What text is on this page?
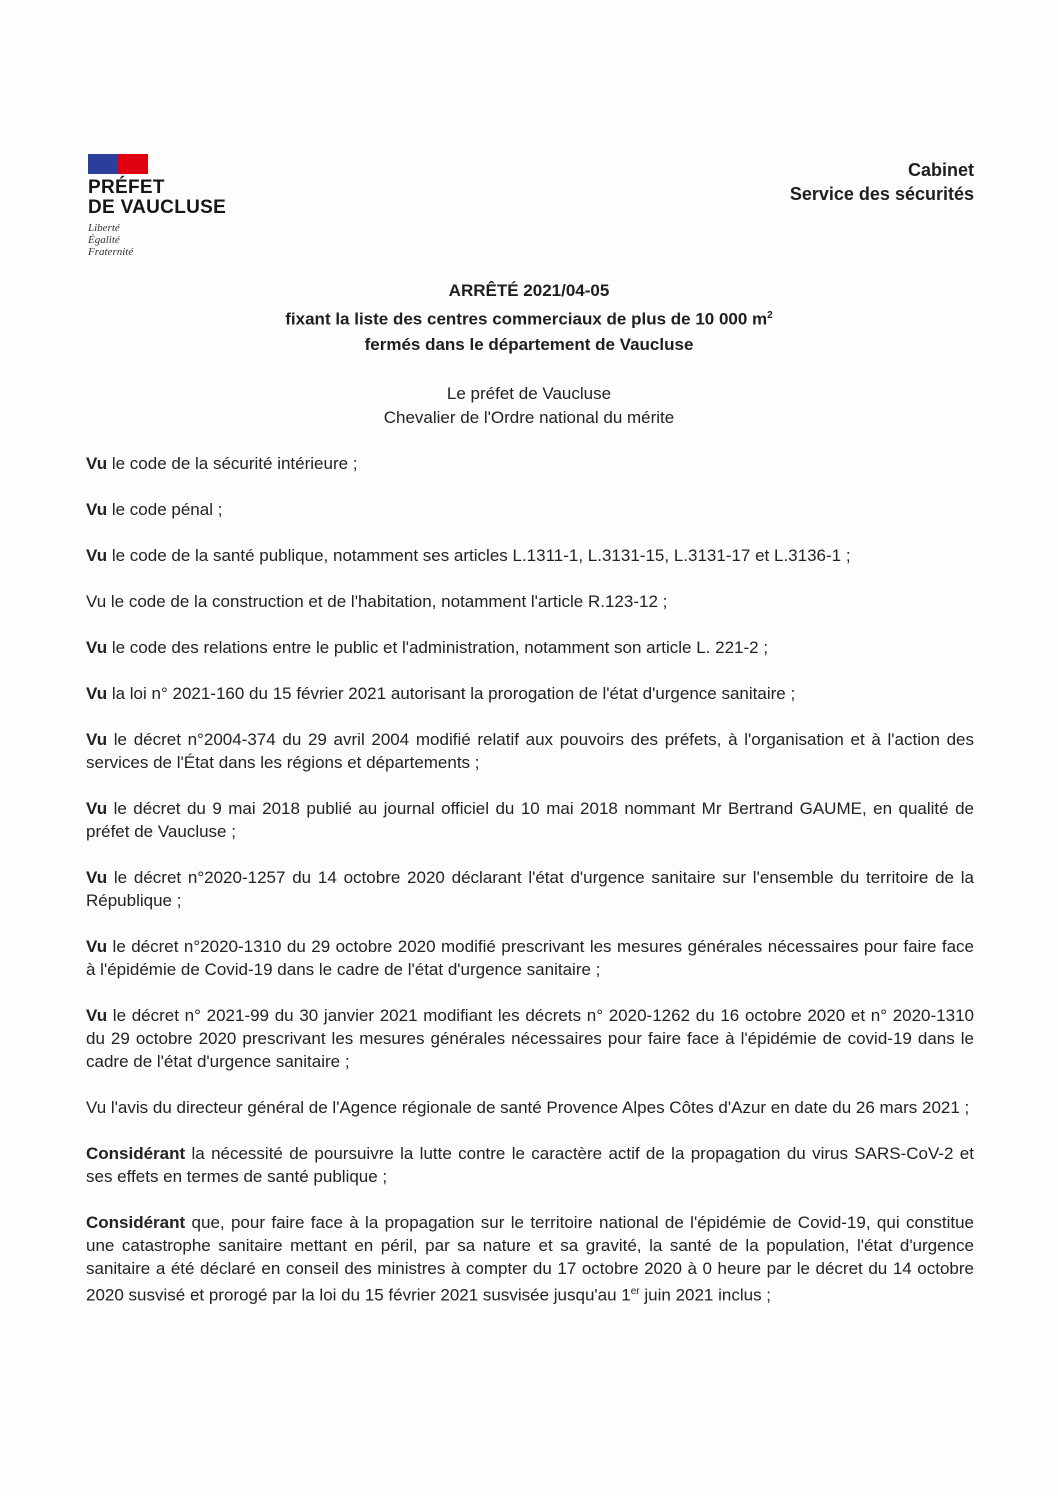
PRÉFET
DE VAUCLUSE
Liberté
Égalité
Fraternité
Cabinet
Service des sécurités
ARRÊTÉ 2021/04-05
fixant la liste des centres commerciaux de plus de 10 000 $m^2$
fermés dans le département de Vaucluse
Le préfet de Vaucluse
Chevalier de l'Ordre national du mérite

Vu le code de la sécurité intérieure ;

Vu le code pénal ;

Vu le code de la santé publique, notamment ses articles L.1311-1, L.3131-15, L.3131-17 et L.3136-1 ;

Vu le code de la construction et de l'habitation, notamment l'article R.123-12 ;

Vu le code des relations entre le public et l'administration, notamment son article L. 221-2 ;

Vu la loi n° 2021-160 du 15 février 2021 autorisant la prorogation de l'état d'urgence sanitaire ;

Vu le décret n°2004-374 du 29 avril 2004 modifié relatif aux pouvoirs des préfets, à l'organisation et à l'action des services de l'État dans les régions et départements ;

Vu le décret du 9 mai 2018 publié au journal officiel du 10 mai 2018 nommant Mr Bertrand GAUME, en qualité de préfet de Vaucluse ;

Vu le décret n°2020-1257 du 14 octobre 2020 déclarant l'état d'urgence sanitaire sur l'ensemble du territoire de la République ;

Vu le décret n°2020-1310 du 29 octobre 2020 modifié prescrivant les mesures générales nécessaires pour faire face à l'épidémie de Covid-19 dans le cadre de l'état d'urgence sanitaire ;

Vu le décret n° 2021-99 du 30 janvier 2021 modifiant les décrets n° 2020-1262 du 16 octobre 2020 et n° 2020-1310 du 29 octobre 2020 prescrivant les mesures générales nécessaires pour faire face à l'épidémie de covid-19 dans le cadre de l'état d'urgence sanitaire ;

Vu l'avis du directeur général de l'Agence régionale de santé Provence Alpes Côtes d'Azur en date du 26 mars 2021 ;

Considérant la nécessité de poursuivre la lutte contre le caractère actif de la propagation du virus SARS-CoV-2 et ses effets en termes de santé publique ;

Considérant que, pour faire face à la propagation sur le territoire national de l'épidémie de Covid-19, qui constitue une catastrophe sanitaire mettant en péril, par sa nature et sa gravité, la santé de la population, l'état d'urgence sanitaire a été déclaré en conseil des ministres à compter du 17 octobre 2020 à 0 heure par le décret du 14 octobre 2020 susvisé et prorogé par la loi du 15 février 2021 susvisée jusqu'au 1er juin 2021 inclus ;
